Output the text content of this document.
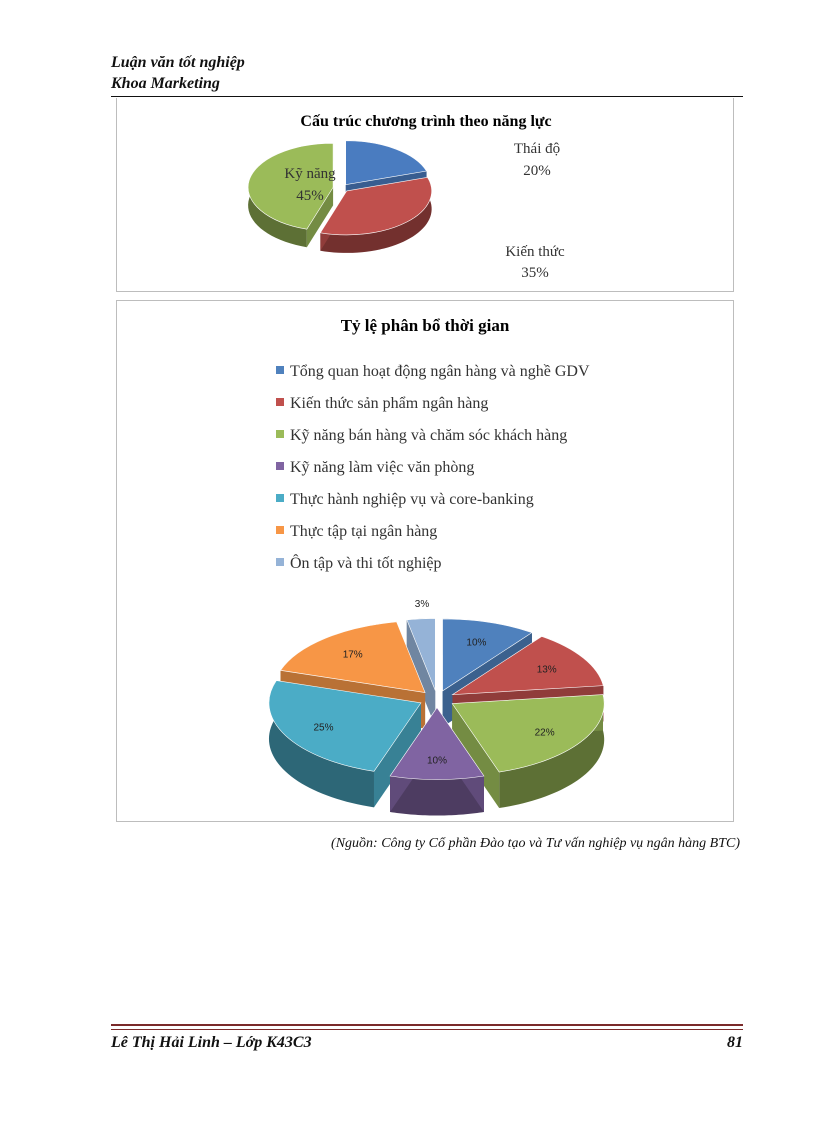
Luận văn tốt nghiệp
Khoa Marketing
Cấu trúc chương trình theo năng lực
Thái độ
20%
Kiến thức
35%
Kỹ năng
45%
Tỷ lệ phân bổ thời gian
Tổng quan hoạt động ngân hàng và nghề GDV
Kiến thức sản phẩm ngân hàng
Kỹ năng bán hàng và chăm sóc khách hàng
Kỹ năng làm việc văn phòng
Thực hành nghiệp vụ và core-banking
Thực tập tại ngân hàng
Ôn tập và thi tốt nghiệp
10%
13%
22%
10%
25%
17%
3%
(Nguồn: Công ty Cổ phần Đào tạo và Tư vấn nghiệp vụ ngân hàng BTC)
Lê Thị Hải Linh – Lớp K43C3	81
